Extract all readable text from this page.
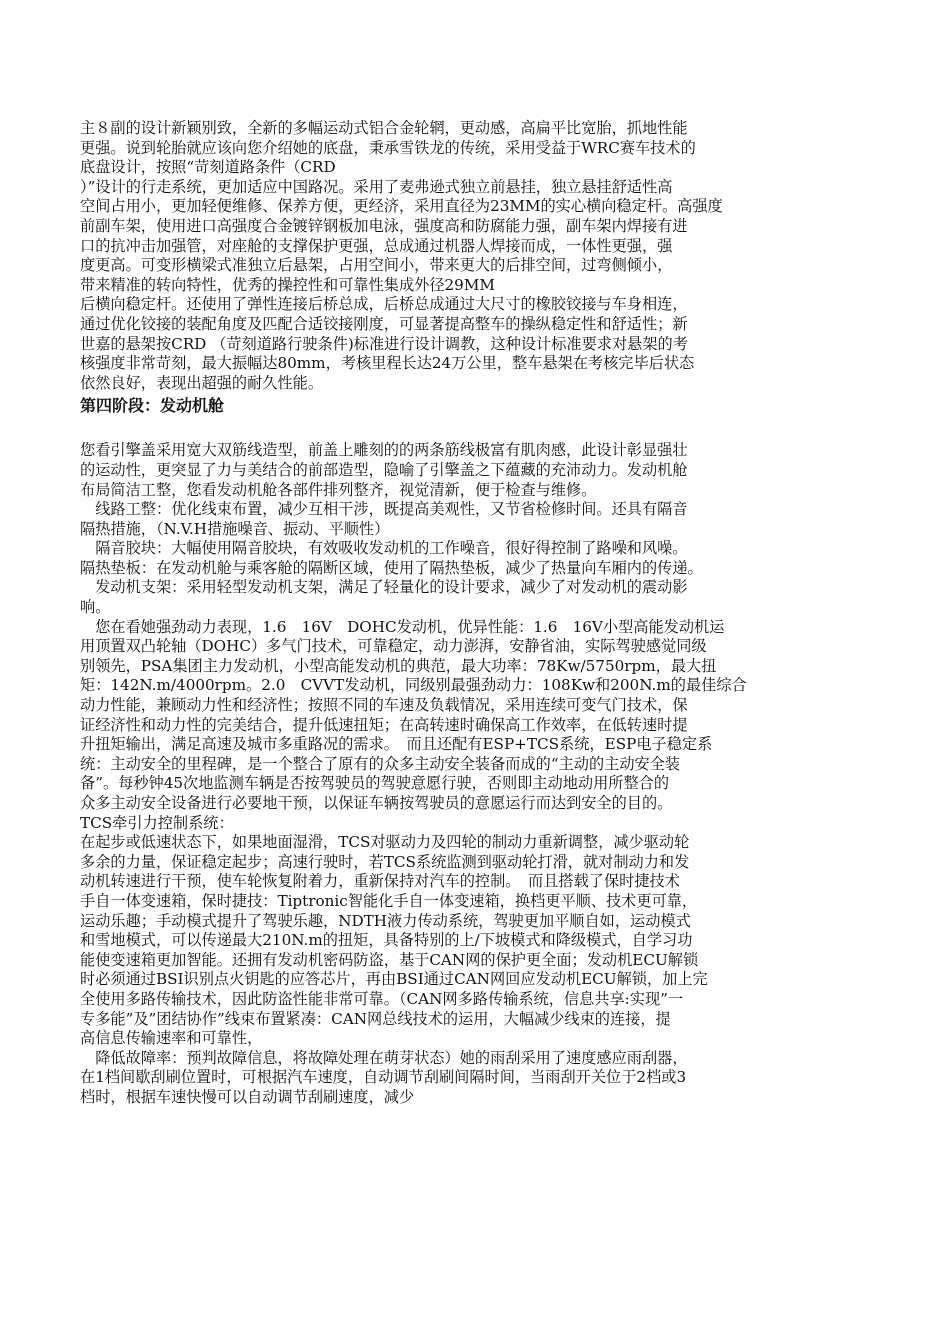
主８副的设计新颖别致，全新的多幅运动式铝合金轮辋，更动感，高扁平比宽胎，抓地性能
更强。说到轮胎就应该向您介绍她的底盘，秉承雪铁龙的传统，采用受益于WRC赛车技术的
底盘设计，按照“苛刻道路条件（CRD
）”设计的行走系统，更加适应中国路况。采用了麦弗逊式独立前悬挂，独立悬挂舒适性高
空间占用小，更加轻便维修、保养方便，更经济，采用直径为23MM的实心横向稳定杆。高强度
前副车架，使用进口高强度合金镀锌钢板加电泳，强度高和防腐能力强，副车架内焊接有进
口的抗冲击加强管，对座舱的支撑保护更强，总成通过机器人焊接而成，一体性更强，强
度更高。可变形横梁式准独立后悬架，占用空间小，带来更大的后排空间，过弯侧倾小，
带来精准的转向特性，优秀的操控性和可靠性集成外径29MM
后横向稳定杆。还使用了弹性连接后桥总成，后桥总成通过大尺寸的橡胶铰接与车身相连，
通过优化铰接的装配角度及匹配合适铰接刚度，可显著提高整车的操纵稳定性和舒适性；新
世嘉的悬架按CRD （苛刻道路行驶条件)标准进行设计调教，这种设计标准要求对悬架的考
核强度非常苛刻，最大振幅达80mm，考核里程长达24万公里，整车悬架在考核完毕后状态
依然良好，表现出超强的耐久性能。
第四阶段：发动机舱
您看引擎盖采用宽大双筋线造型，前盖上雕刻的的两条筋线极富有肌肉感，此设计彰显强壮
的运动性，更突显了力与美结合的前部造型，隐喻了引擎盖之下蕴藏的充沛动力。发动机舱
布局简洁工整，您看发动机舱各部件排列整齐，视觉清新，便于检查与维修。
　线路工整：优化线束布置，减少互相干涉，既提高美观性，又节省检修时间。还具有隔音
隔热措施，（N.V.H措施噪音、振动、平顺性）
　隔音胶块：大幅使用隔音胶块，有效吸收发动机的工作噪音，很好得控制了路噪和风噪。
隔热垫板：在发动机舱与乘客舱的隔断区域，使用了隔热垫板，减少了热量向车厢内的传递。
　发动机支架：采用轻型发动机支架，满足了轻量化的设计要求，减少了对发动机的震动影
响。
　您在看她强劲动力表现，1.6　16V　DOHC发动机，优异性能：1.6　16V小型高能发动机运
用顶置双凸轮轴（DOHC）多气门技术，可靠稳定，动力澎湃，安静省油，实际驾驶感觉同级
别领先，PSA集团主力发动机，小型高能发动机的典范，最大功率：78Kw/5750rpm，最大扭
矩：142N.m/4000rpm。2.0　CVVT发动机，同级别最强劲动力：108Kw和200N.m的最佳综合
动力性能，兼顾动力性和经济性；按照不同的车速及负载情况，采用连续可变气门技术，保
证经济性和动力性的完美结合，提升低速扭矩；在高转速时确保高工作效率，在低转速时提
升扭矩输出，满足高速及城市多重路况的需求。　而且还配有ESP+TCS系统，ESP电子稳定系
统：主动安全的里程碑，是一个整合了原有的众多主动安全装备而成的“主动的主动安全装
备”。每秒钟45次地监测车辆是否按驾驶员的驾驶意愿行驶，否则即主动地动用所整合的
众多主动安全设备进行必要地干预，以保证车辆按驾驶员的意愿运行而达到安全的目的。
TCS牵引力控制系统：
在起步或低速状态下，如果地面湿滑，TCS对驱动力及四轮的制动力重新调整，减少驱动轮
多余的力量，保证稳定起步；高速行驶时，若TCS系统监测到驱动轮打滑，就对制动力和发
动机转速进行干预，使车轮恢复附着力，重新保持对汽车的控制。　而且搭载了保时捷技术
手自一体变速箱，保时捷技：Tiptronic智能化手自一体变速箱，换档更平顺、技术更可靠，
运动乐趣；手动模式提升了驾驶乐趣，NDTH液力传动系统，驾驶更加平顺自如，运动模式
和雪地模式，可以传递最大210N.m的扭矩，具备特别的上/下坡模式和降级模式，自学习功
能使变速箱更加智能。还拥有发动机密码防盗，基于CAN网的保护更全面；发动机ECU解锁
时必须通过BSI识别点火钥匙的应答芯片，再由BSI通过CAN网回应发动机ECU解锁，加上完
全使用多路传输技术，因此防盗性能非常可靠。（CAN网多路传输系统，信息共享:实现”一
专多能”及”团结协作”线束布置紧凑：CAN网总线技术的运用，大幅减少线束的连接，提
高信息传输速率和可靠性，
　降低故障率：预判故障信息，将故障处理在萌芽状态）她的雨刮采用了速度感应雨刮器，
在1档间歇刮刷位置时，可根据汽车速度，自动调节刮刷间隔时间，当雨刮开关位于2档或3
档时，根据车速快慢可以自动调节刮刷速度，减少
